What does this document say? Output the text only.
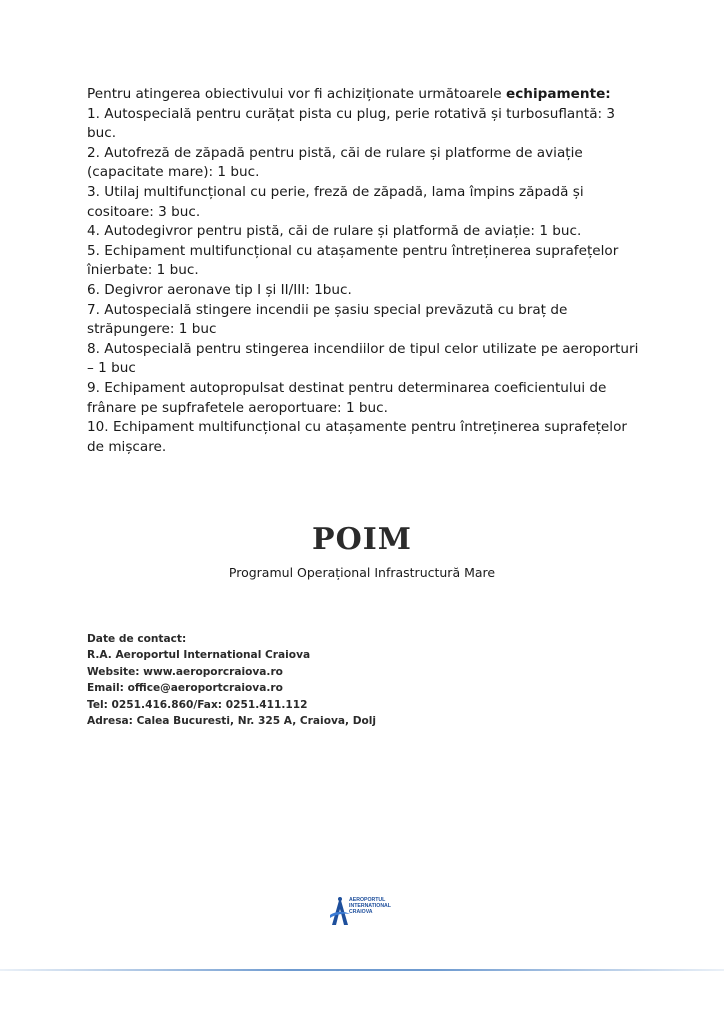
Pentru atingerea obiectivului vor fi achiziționate următoarele echipamente:

1. Autospecială pentru curățat pista cu plug, perie rotativă și turbosuflantă: 3 buc.

2. Autofreză de zăpadă pentru pistă, căi de rulare și platforme de aviație (capacitate mare): 1 buc.

3. Utilaj multifuncțional cu perie, freză de zăpadă, lama împins zăpadă și cositoare: 3 buc.

4. Autodegivror pentru pistă, căi de rulare și platformă de aviație: 1 buc.

5. Echipament multifuncțional cu atașamente pentru întreținerea suprafețelor înierbate: 1 buc.

6. Degivror aeronave tip I și II/III: 1buc.

7. Autospecială stingere incendii pe șasiu special prevăzută cu braț de străpungere: 1 buc

8. Autospecială pentru stingerea incendiilor de tipul celor utilizate pe aeroporturi – 1 buc

9. Echipament autopropulsat destinat pentru determinarea coeficientului de frânare pe supfrafetele aeroportuare: 1 buc.

10. Echipament multifuncțional cu atașamente pentru întreținerea suprafețelor de mișcare.

POIM
Programul Operațional Infrastructură Mare
Date de contact:
R.A. Aeroportul International Craiova
Website: www.aeroporcraiova.ro
Email: office@aeroportcraiova.ro
Tel: 0251.416.860/Fax: 0251.411.112
Adresa: Calea Bucuresti, Nr. 325 A, Craiova, Dolj
AEROPORTUL
INTERNATIONAL
CRAIOVA
